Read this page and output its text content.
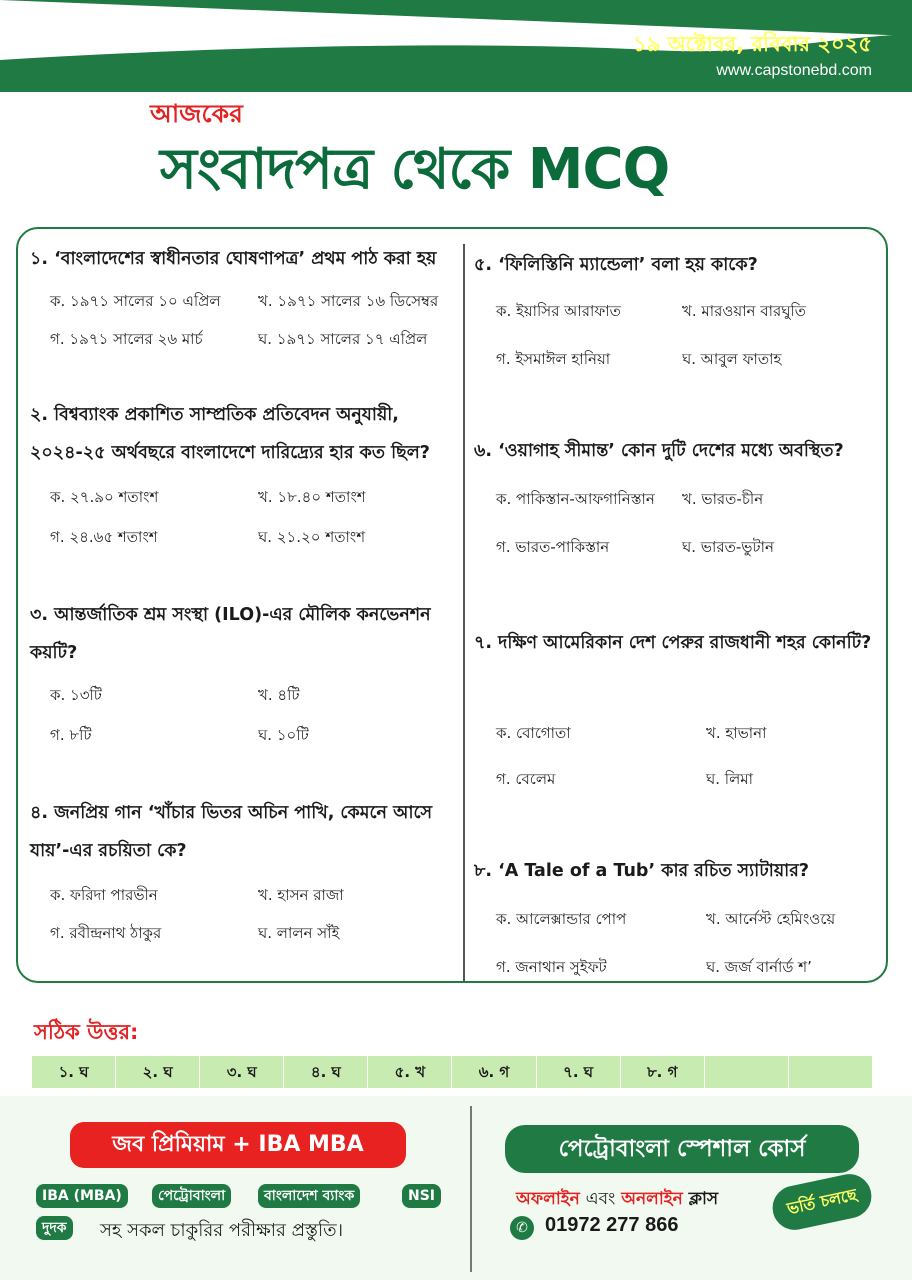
CAPSTONE
১৯ অক্টোবর, রবিবার ২০২৫
www.capstonebd.com
আজকের
সংবাদপত্র থেকে MCQ
১. ‘বাংলাদেশের স্বাধীনতার ঘোষণাপত্র’ প্রথম পাঠ করা হয়
ক. ১৯৭১ সালের ১০ এপ্রিল খ. ১৯৭১ সালের ১৬ ডিসেম্বর
গ. ১৯৭১ সালের ২৬ মার্চ	ঘ. ১৯৭১ সালের ১৭ এপ্রিল
২. বিশ্বব্যাংক প্রকাশিত সাম্প্রতিক প্রতিবেদন অনুযায়ী, ২০২৪-২৫ অর্থবছরে বাংলাদেশে দারিদ্র্যের হার কত ছিল?
ক. ২৭.৯০ শতাংশ	খ. ১৮.৪০ শতাংশ
গ. ২৪.৬৫ শতাংশ	ঘ. ২১.২০ শতাংশ
৩. আন্তর্জাতিক শ্রম সংস্থা (ILO)-এর মৌলিক কনভেনশন কয়টি?
ক. ১৩টি	খ. ৪টি
গ. ৮টি	ঘ. ১০টি
৪. জনপ্রিয় গান ‘খাঁচার ভিতর অচিন পাখি, কেমনে আসে যায়’-এর রচয়িতা কে?
ক. ফরিদা পারভীন	খ. হাসন রাজা
গ. রবীন্দ্রনাথ ঠাকুর	ঘ. লালন সাঁই
৫. ‘ফিলিস্তিনি ম্যান্ডেলা’ বলা হয় কাকে?
ক. ইয়াসির আরাফাত	খ. মারওয়ান বারঘুতি
গ. ইসমাঈল হানিয়া	ঘ. আবুল ফাতাহ
৬. ‘ওয়াগাহ সীমান্ত’ কোন দুটি দেশের মধ্যে অবস্থিত?
ক. পাকিস্তান-আফগানিস্তান খ. ভারত-চীন
গ. ভারত-পাকিস্তান	ঘ. ভারত-ভুটান
৭. দক্ষিণ আমেরিকান দেশ পেরুর রাজধানী শহর কোনটি?
ক. বোগোতা	খ. হাভানা
গ. বেলেম	ঘ. লিমা
৮. ‘A Tale of a Tub’ কার রচিত স্যাটায়ার?
ক. আলেক্সান্ডার পোপ	খ. আর্নেস্ট হেমিংওয়ে
গ. জনাথান সুইফট	ঘ. জর্জ বার্নার্ড শ’
সঠিক উত্তর:
১. ঘ	২. ঘ	৩. ঘ	৪. ঘ	৫. খ	৬. গ	৭. ঘ	৮. গ
জব প্রিমিয়াম + IBA MBA
IBA (MBA)	পেট্রোবাংলা	বাংলাদেশ ব্যাংক	NSI
দুদক	সহ সকল চাকুরির পরীক্ষার প্রস্তুতি।
পেট্রোবাংলা স্পেশাল কোর্স
অফলাইন এবং অনলাইন ক্লাস
✆ 01972 277 866
ভর্তি চলছে
